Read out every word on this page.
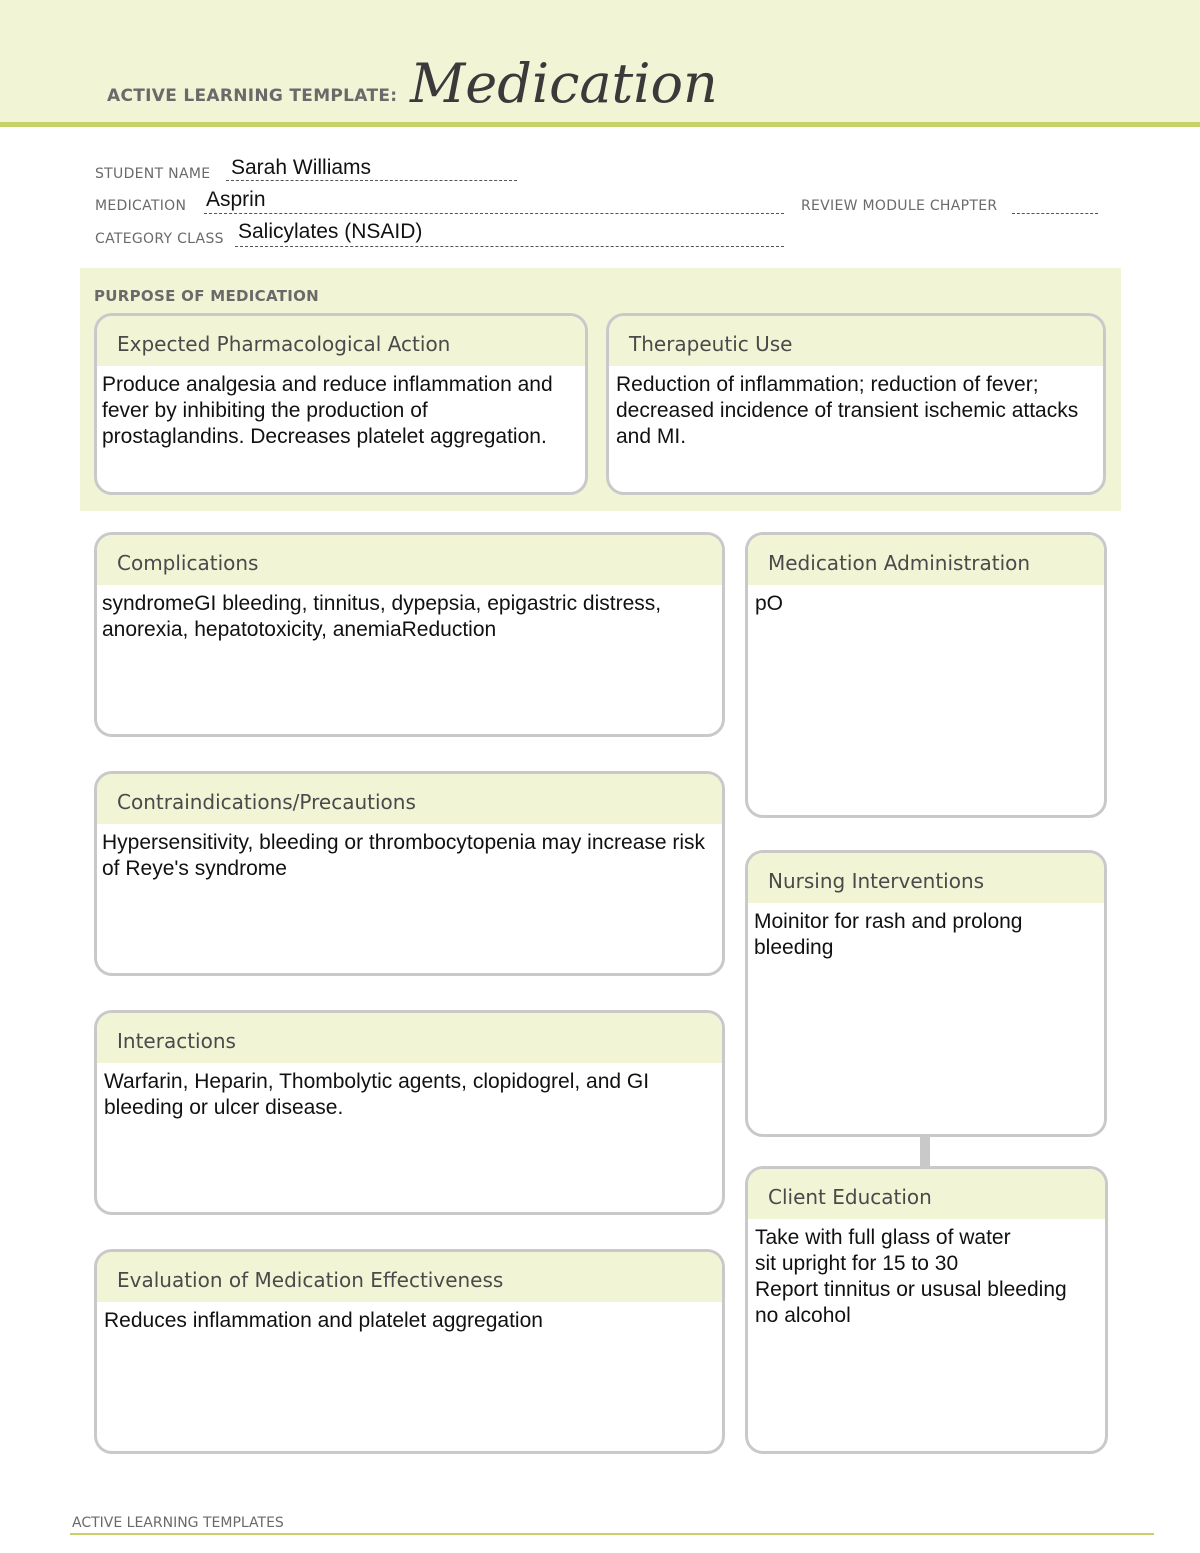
ACTIVE LEARNING TEMPLATE: Medication
STUDENT NAME Sarah Williams
MEDICATION Asprin	REVIEW MODULE CHAPTER
CATEGORY CLASS Salicylates (NSAID)
PURPOSE OF MEDICATION
Expected Pharmacological Action
Produce analgesia and reduce inflammation and fever by inhibiting the production of prostaglandins. Decreases platelet aggregation.
Therapeutic Use
Reduction of inflammation; reduction of fever; decreased incidence of transient ischemic attacks and MI.
Complications
syndromeGI bleeding, tinnitus, dypepsia, epigastric distress, anorexia, hepatotoxicity, anemiaReduction
Contraindications/Precautions
Hypersensitivity, bleeding or thrombocytopenia may increase risk of Reye's syndrome
Interactions
Warfarin, Heparin, Thombolytic agents, clopidogrel, and GI bleeding or ulcer disease.
Evaluation of Medication Effectiveness
Reduces inflammation and platelet aggregation
Medication Administration
pO
Nursing Interventions
Moinitor for rash and prolong bleeding
Client Education
Take with full glass of water
sit upright for 15 to 30
Report tinnitus or ususal bleeding
no alcohol
ACTIVE LEARNING TEMPLATES
